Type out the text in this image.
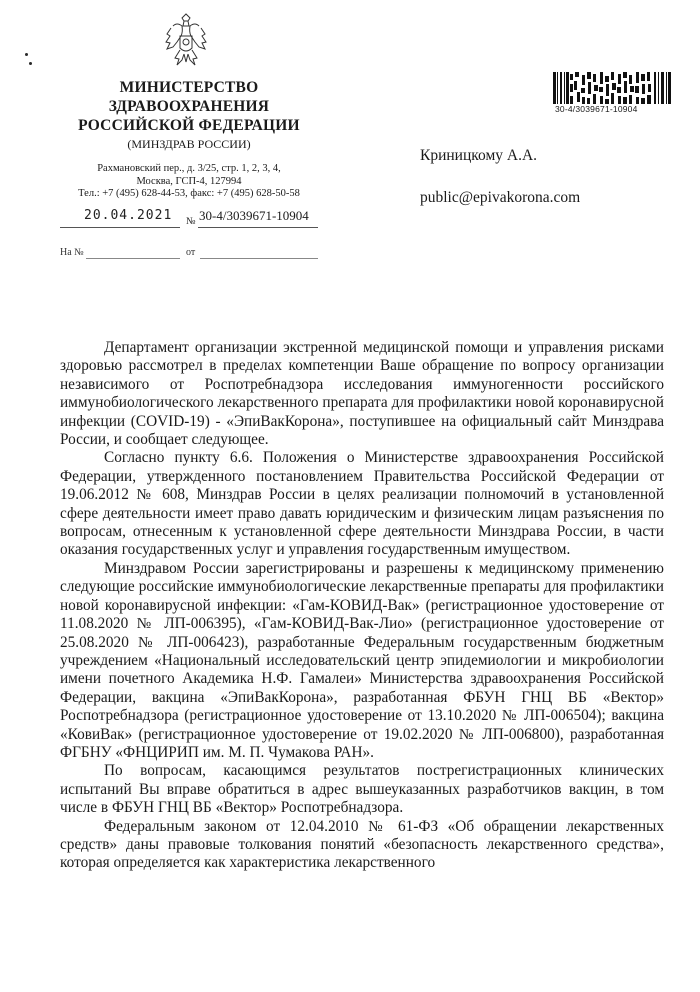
МИНИСТЕРСТВО
ЗДРАВООХРАНЕНИЯ
РОССИЙСКОЙ ФЕДЕРАЦИИ
(МИНЗДРАВ РОССИИ)
Рахмановский пер., д. 3/25, стр. 1, 2, 3, 4,
Москва, ГСП-4, 127994
Тел.: +7 (495) 628-44-53, факс: +7 (495) 628-50-58
20.04.2021 № 30-4/3039671-10904
На №	от
30-4/3039671-10904
Криницкому А.А.
public@epivakorona.com

Департамент организации экстренной медицинской помощи и управления рисками здоровью рассмотрел в пределах компетенции Ваше обращение по вопросу организации независимого от Роспотребнадзора исследования иммуногенности российского иммунобиологического лекарственного препарата для профилактики новой коронавирусной инфекции (COVID-19) - «ЭпиВакКорона», поступившее на официальный сайт Минздрава России, и сообщает следующее.

Согласно пункту 6.6. Положения о Министерстве здравоохранения Российской Федерации, утвержденного постановлением Правительства Российской Федерации от 19.06.2012 № 608, Минздрав России в целях реализации полномочий в установленной сфере деятельности имеет право давать юридическим и физическим лицам разъяснения по вопросам, отнесенным к установленной сфере деятельности Минздрава России, в части оказания государственных услуг и управления государственным имуществом.

Минздравом России зарегистрированы и разрешены к медицинскому применению следующие российские иммунобиологические лекарственные препараты для профилактики новой коронавирусной инфекции: «Гам-КОВИД-Вак» (регистрационное удостоверение от 11.08.2020 № ЛП-006395), «Гам-КОВИД-Вак-Лио» (регистрационное удостоверение от 25.08.2020 № ЛП-006423), разработанные Федеральным государственным бюджетным учреждением «Национальный исследовательский центр эпидемиологии и микробиологии имени почетного Академика Н.Ф. Гамалеи» Министерства здравоохранения Российской Федерации, вакцина «ЭпиВакКорона», разработанная ФБУН ГНЦ ВБ «Вектор» Роспотребнадзора (регистрационное удостоверение от 13.10.2020 № ЛП-006504); вакцина «КовиВак» (регистрационное удостоверение от 19.02.2020 № ЛП-006800), разработанная ФГБНУ «ФНЦИРИП им. М. П. Чумакова РАН».

По вопросам, касающимся результатов пострегистрационных клинических испытаний Вы вправе обратиться в адрес вышеуказанных разработчиков вакцин, в том числе в ФБУН ГНЦ ВБ «Вектор» Роспотребнадзора.

Федеральным законом от 12.04.2010 № 61-ФЗ «Об обращении лекарственных средств» даны правовые толкования понятий «безопасность лекарственного средства», которая определяется как характеристика лекарственного
